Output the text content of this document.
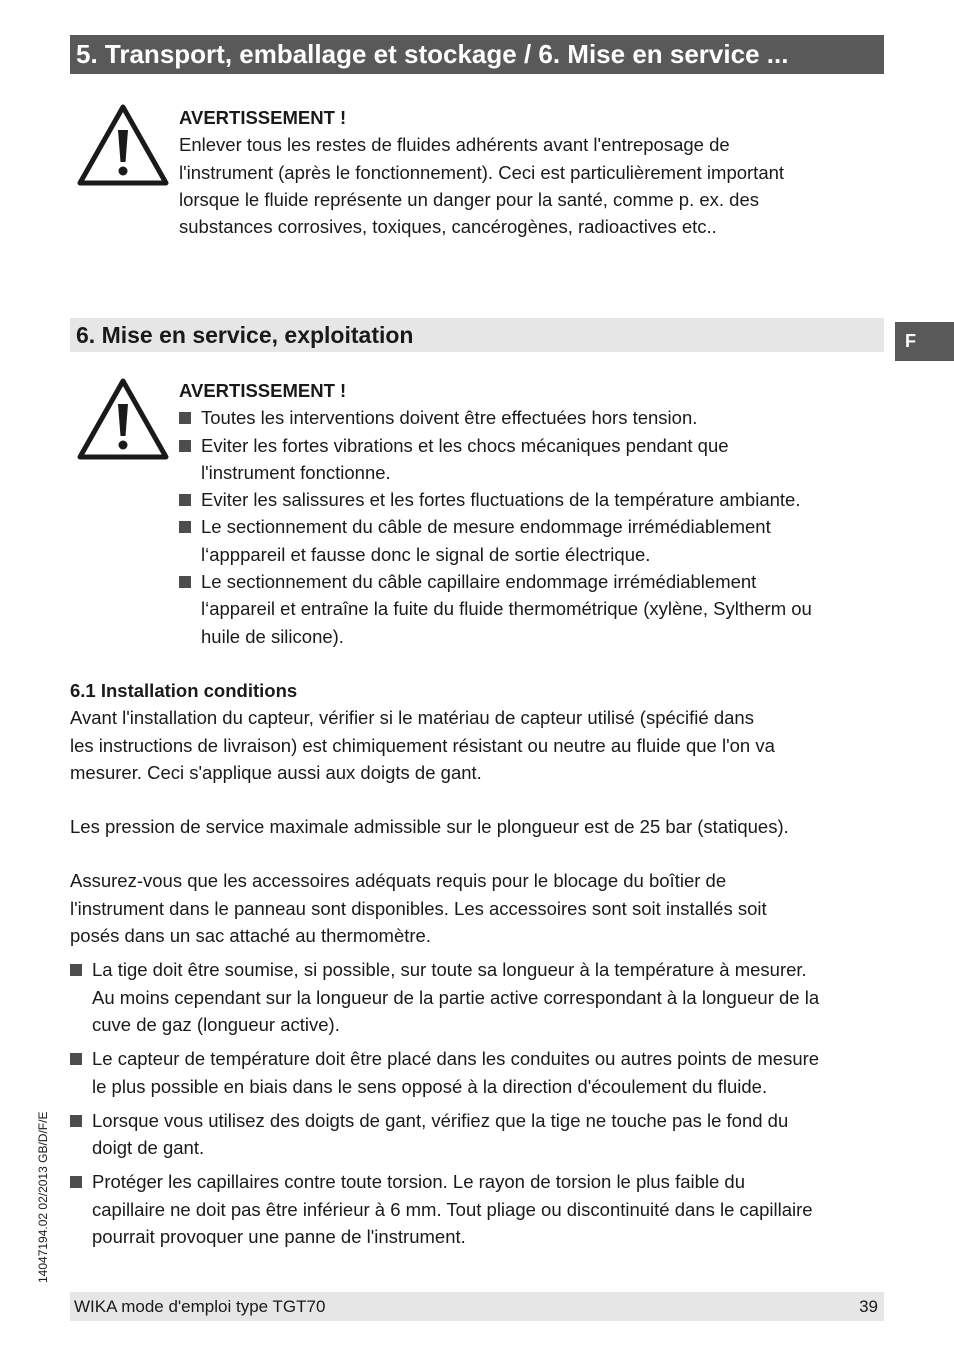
5. Transport, emballage et stockage / 6. Mise en service ...
AVERTISSEMENT !
Enlever tous les restes de fluides adhérents avant l'entreposage de
l'instrument (après le fonctionnement). Ceci est particulièrement important
lorsque le fluide représente un danger pour la santé, comme p. ex. des
substances corrosives, toxiques, cancérogènes, radioactives etc..
6. Mise en service, exploitation	F
AVERTISSEMENT !
Toutes les interventions doivent être effectuées hors tension.
Eviter les fortes vibrations et les chocs mécaniques pendant que
l'instrument fonctionne.
Eviter les salissures et les fortes fluctuations de la température ambiante.
Le sectionnement du câble de mesure endommage irrémédiablement
l‘apppareil et fausse donc le signal de sortie électrique.
Le sectionnement du câble capillaire endommage irrémédiablement
l‘appareil et entraîne la fuite du fluide thermométrique (xylène, Syltherm ou
huile de silicone).
6.1 Installation conditions
Avant l'installation du capteur, vérifier si le matériau de capteur utilisé (spécifié dans
les instructions de livraison) est chimiquement résistant ou neutre au fluide que l'on va
mesurer. Ceci s'applique aussi aux doigts de gant.
Les pression de service maximale admissible sur le plongueur est de 25 bar (statiques).
Assurez-vous que les accessoires adéquats requis pour le blocage du boîtier de
l'instrument dans le panneau sont disponibles. Les accessoires sont soit installés soit
posés dans un sac attaché au thermomètre.
La tige doit être soumise, si possible, sur toute sa longueur à la température à mesurer.
Au moins cependant sur la longueur de la partie active correspondant à la longueur de la
cuve de gaz (longueur active).
Le capteur de température doit être placé dans les conduites ou autres points de mesure
le plus possible en biais dans le sens opposé à la direction d'écoulement du fluide.
Lorsque vous utilisez des doigts de gant, vérifiez que la tige ne touche pas le fond du
doigt de gant.
Protéger les capillaires contre toute torsion. Le rayon de torsion le plus faible du
capillaire ne doit pas être inférieur à 6 mm. Tout pliage ou discontinuité dans le capillaire
pourrait provoquer une panne de l'instrument.
14047194.02 02/2013 GB/D/F/E
WIKA mode d'emploi type TGT70	39
